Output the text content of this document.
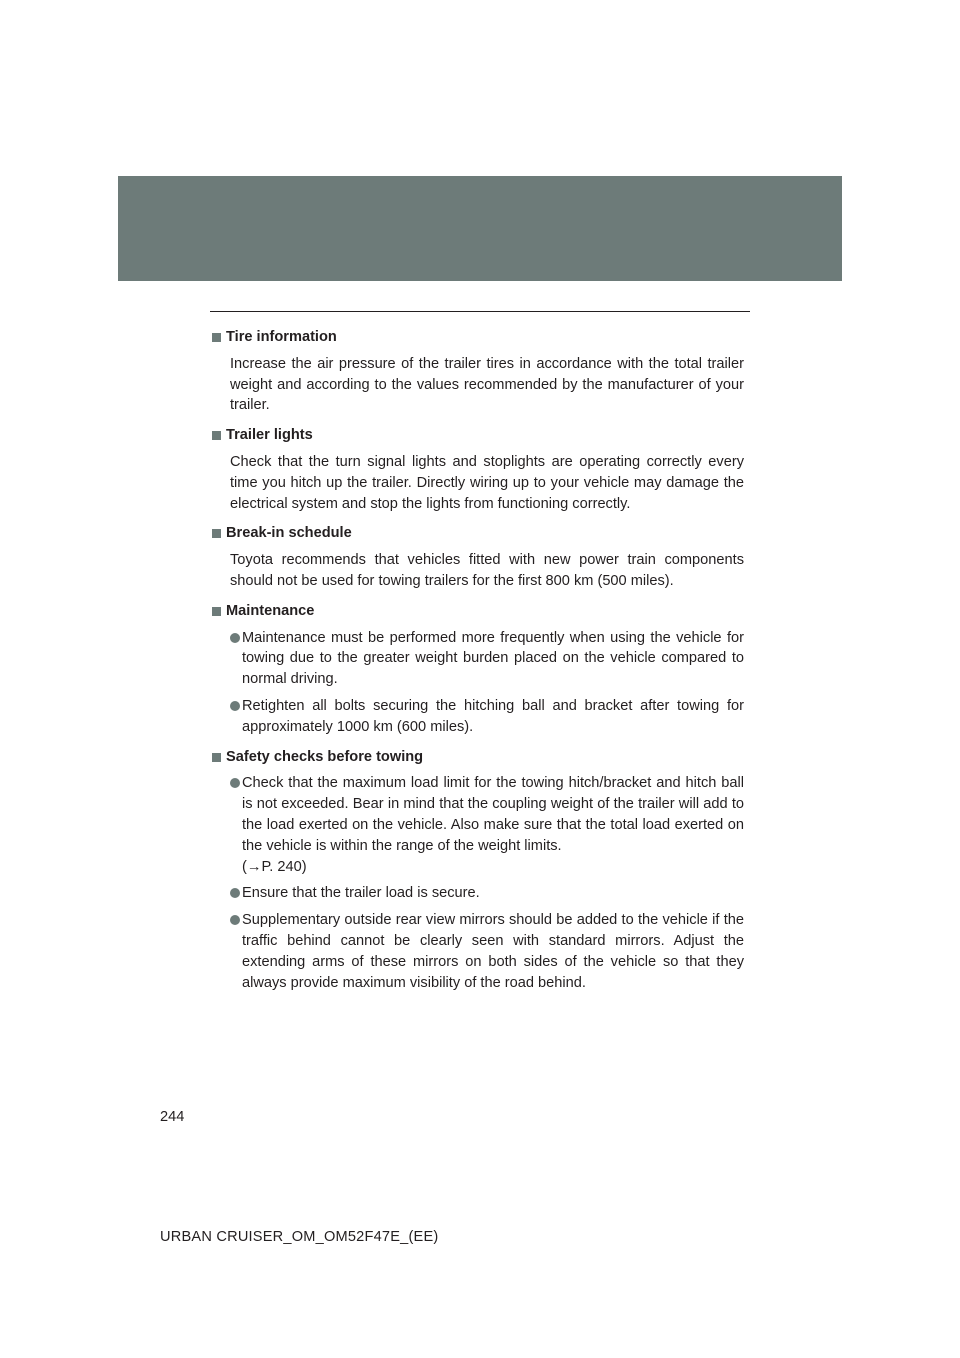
2-5. Driving information
Tire information
Increase the air pressure of the trailer tires in accordance with the total trailer weight and according to the values recommended by the manufacturer of your trailer.
Trailer lights
Check that the turn signal lights and stoplights are operating correctly every time you hitch up the trailer. Directly wiring up to your vehicle may damage the electrical system and stop the lights from functioning correctly.
Break-in schedule
Toyota recommends that vehicles fitted with new power train components should not be used for towing trailers for the first 800 km (500 miles).
Maintenance
Maintenance must be performed more frequently when using the vehicle for towing due to the greater weight burden placed on the vehicle compared to normal driving.
Retighten all bolts securing the hitching ball and bracket after towing for approximately 1000 km (600 miles).
Safety checks before towing
Check that the maximum load limit for the towing hitch/bracket and hitch ball is not exceeded. Bear in mind that the coupling weight of the trailer will add to the load exerted on the vehicle. Also make sure that the total load exerted on the vehicle is within the range of the weight limits.
(→P. 240)
Ensure that the trailer load is secure.
Supplementary outside rear view mirrors should be added to the vehicle if the traffic behind cannot be clearly seen with standard mirrors. Adjust the extending arms of these mirrors on both sides of the vehicle so that they always provide maximum visibility of the road behind.
244
URBAN CRUISER_OM_OM52F47E_(EE)
